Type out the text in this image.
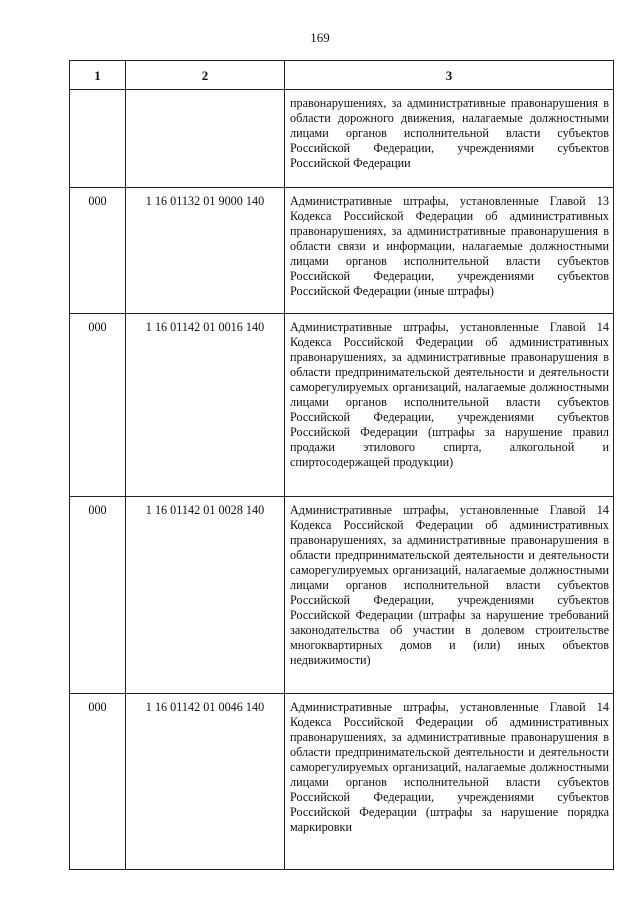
169
1	2	3
		правонарушениях, за административные правонарушения в области дорожного движения, налагаемые должностными лицами органов исполнительной власти субъектов Российской Федерации, учреждениями субъектов Российской Федерации
000	1 16 01132 01 9000 140	Административные штрафы, установленные Главой 13 Кодекса Российской Федерации об административных правонарушениях, за административные правонарушения в области связи и информации, налагаемые должностными лицами органов исполнительной власти субъектов Российской Федерации, учреждениями субъектов Российской Федерации (иные штрафы)
000	1 16 01142 01 0016 140	Административные штрафы, установленные Главой 14 Кодекса Российской Федерации об административных правонарушениях, за административные правонарушения в области предпринимательской деятельности и деятельности саморегулируемых организаций, налагаемые должностными лицами органов исполнительной власти субъектов Российской Федерации, учреждениями субъектов Российской Федерации (штрафы за нарушение правил продажи этилового спирта, алкогольной и спиртосодержащей продукции)
000	1 16 01142 01 0028 140	Административные штрафы, установленные Главой 14 Кодекса Российской Федерации об административных правонарушениях, за административные правонарушения в области предпринимательской деятельности и деятельности саморегулируемых организаций, налагаемые должностными лицами органов исполнительной власти субъектов Российской Федерации, учреждениями субъектов Российской Федерации (штрафы за нарушение требований законодательства об участии в долевом строительстве многоквартирных домов и (или) иных объектов недвижимости)
000	1 16 01142 01 0046 140	Административные штрафы, установленные Главой 14 Кодекса Российской Федерации об административных правонарушениях, за административные правонарушения в области предпринимательской деятельности и деятельности саморегулируемых организаций, налагаемые должностными лицами органов исполнительной власти субъектов Российской Федерации, учреждениями субъектов Российской Федерации (штрафы за нарушение порядка маркировки
